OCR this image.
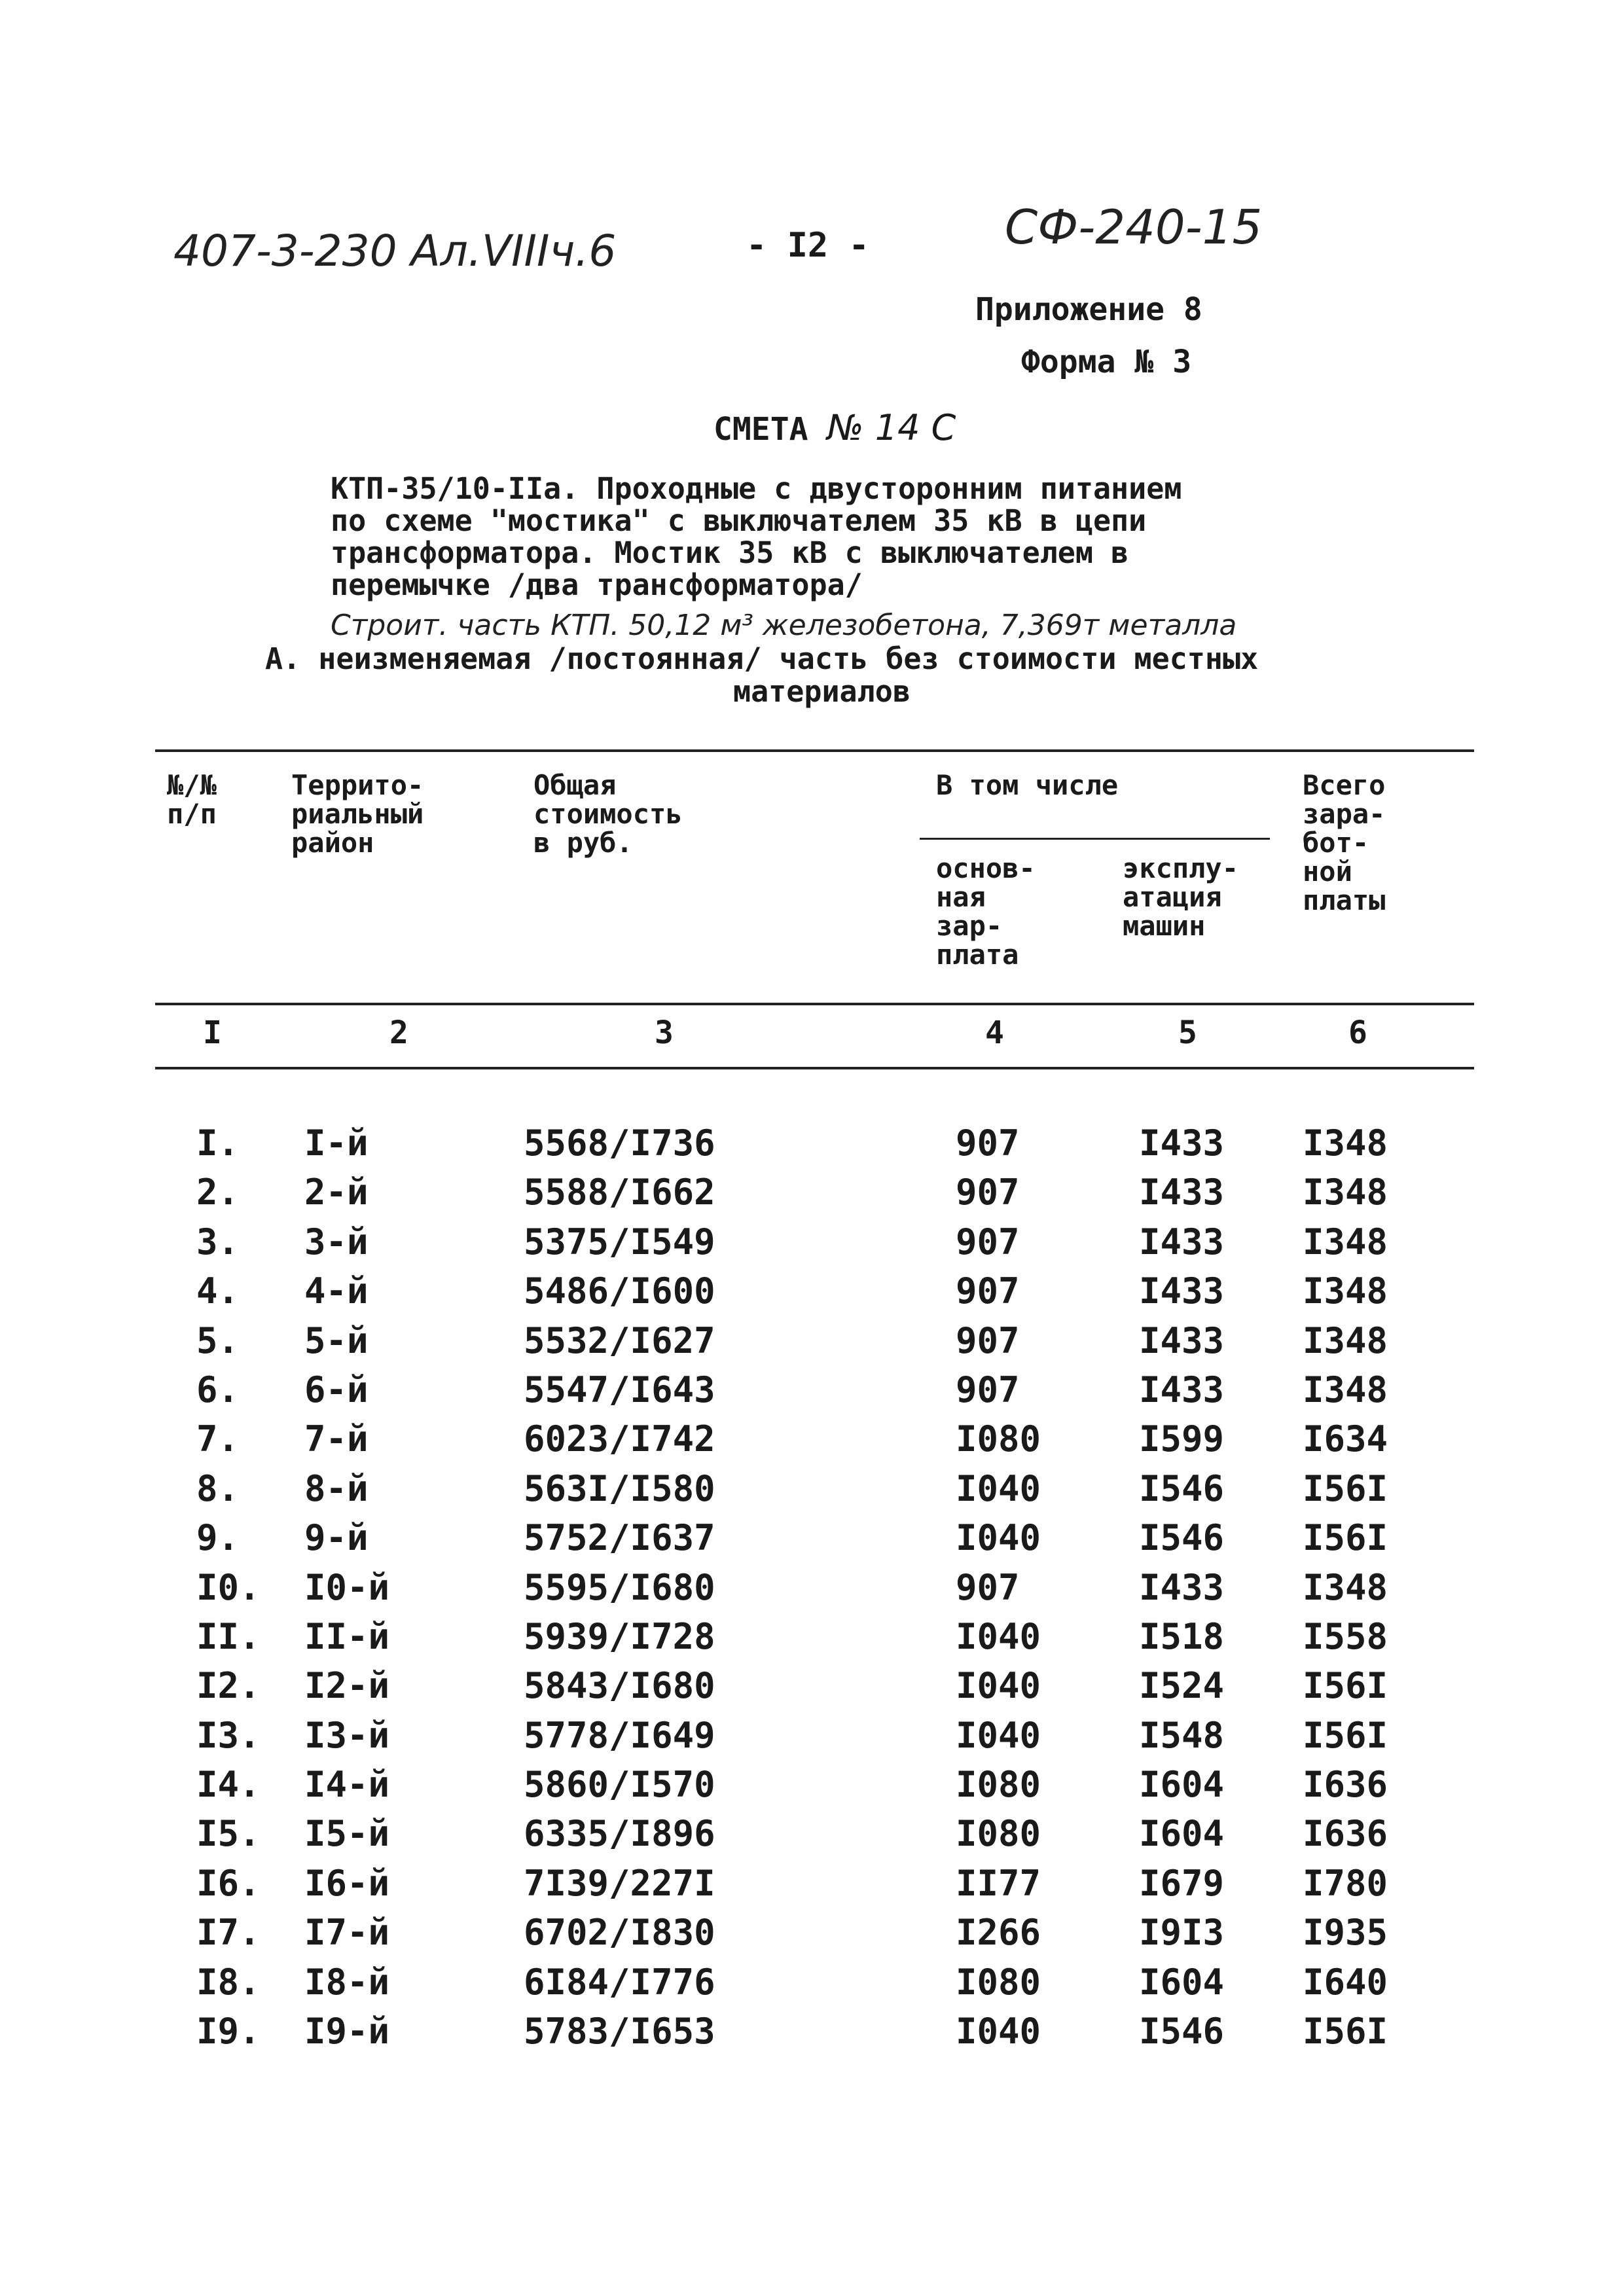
407-3-230 Ал.VIIIч.6	- I2 -	СФ-240-15
Приложение 8
Форма № 3
СМЕТА № 14 С
КТП-35/10-IIа. Проходные с двусторонним питанием
по схеме "мостика" с выключателем 35 кВ в цепи
трансформатора. Мостик 35 кВ с выключателем в
перемычке /два трансформатора/
Строит. часть КТП. 50,12 м³ железобетона, 7,369т металла
А. неизменяемая /постоянная/ часть без стоимости местных
материалов
№/№
п/п
Террито-
риальный
район
Общая
стоимость
в руб.
В том числе
основ-
ная
зар-
плата
эксплу-
атация
машин
Всего
зара-
бот-
ной
платы
I	2	3	4	5	6
I. I-й	5568/I736	907	I433 I348
2. 2-й	5588/I662	907	I433 I348
3. 3-й	5375/I549	907	I433 I348
4. 4-й	5486/I600	907	I433 I348
5. 5-й	5532/I627	907	I433 I348
6. 6-й	5547/I643	907	I433 I348
7. 7-й	6023/I742	I080	I599 I634
8. 8-й	563I/I580	I040	I546 I56I
9. 9-й	5752/I637	I040	I546 I56I
I0. I0-й	5595/I680	907	I433 I348
II. II-й	5939/I728	I040	I518 I558
I2. I2-й	5843/I680	I040	I524 I56I
I3. I3-й	5778/I649	I040	I548 I56I
I4. I4-й	5860/I570	I080	I604 I636
I5. I5-й	6335/I896	I080	I604 I636
I6. I6-й	7I39/227I	II77	I679 I780
I7. I7-й	6702/I830	I266	I9I3 I935
I8. I8-й	6I84/I776	I080	I604 I640
I9. I9-й	5783/I653	I040	I546 I56I
